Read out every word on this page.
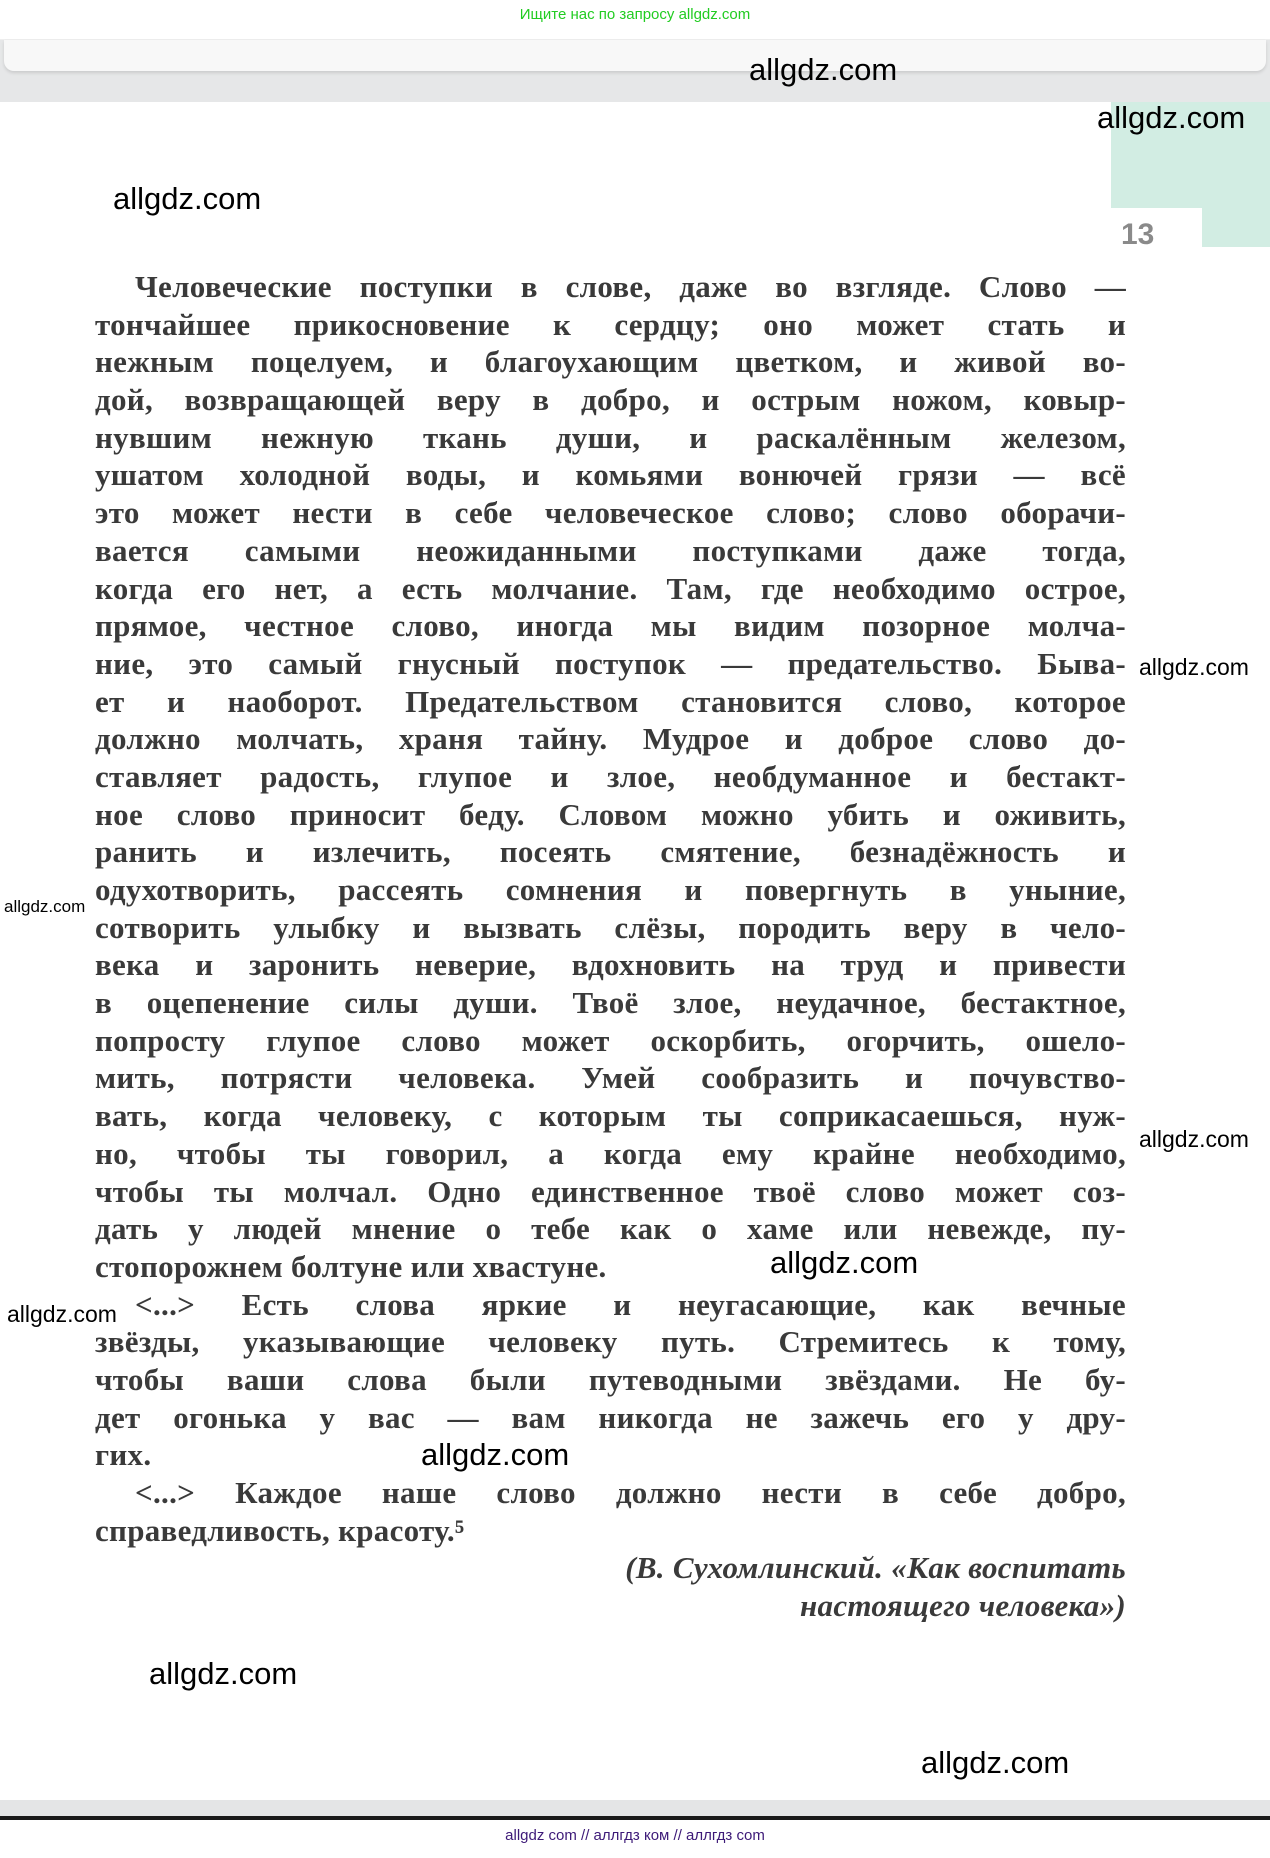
Ищите нас по запросу allgdz.com
13
Человеческие поступки в слове, даже во взгляде. Слово —
тончайшее прикосновение к сердцу; оно может стать и
нежным поцелуем, и благоухающим цветком, и живой во-
дой, возвращающей веру в добро, и острым ножом, ковыр-
нувшим нежную ткань души, и раскалённым железом,
ушатом холодной воды, и комьями вонючей грязи — всё
это может нести в себе человеческое слово; слово оборачи-
вается самыми неожиданными поступками даже тогда,
когда его нет, а есть молчание. Там, где необходимо острое,
прямое, честное слово, иногда мы видим позорное молча-
ние, это самый гнусный поступок — предательство. Быва-
ет и наоборот. Предательством становится слово, которое
должно молчать, храня тайну. Мудрое и доброе слово до-
ставляет радость, глупое и злое, необдуманное и бестакт-
ное слово приносит беду. Словом можно убить и оживить,
ранить и излечить, посеять смятение, безнадёжность и
одухотворить, рассеять сомнения и повергнуть в уныние,
сотворить улыбку и вызвать слёзы, породить веру в чело-
века и заронить неверие, вдохновить на труд и привести
в оцепенение силы души. Твоё злое, неудачное, бестактное,
попросту глупое слово может оскорбить, огорчить, ошело-
мить, потрясти человека. Умей сообразить и почувство-
вать, когда человеку, с которым ты соприкасаешься, нуж-
но, чтобы ты говорил, а когда ему крайне необходимо,
чтобы ты молчал. Одно единственное твоё слово может соз-
дать у людей мнение о тебе как о хаме или невежде, пу-
стопорожнем болтуне или хвастуне.
<...> Есть слова яркие и неугасающие, как вечные
звёзды, указывающие человеку путь. Стремитесь к тому,
чтобы ваши слова были путеводными звёздами. Не бу-
дет огонька у вас — вам никогда не зажечь его у дру-
гих.
<...> Каждое наше слово должно нести в себе добро,
справедливость, красоту.⁵
(В. Сухомлинский. «Как воспитать
настоящего человека»)
allgdz.com
allgdz.com
allgdz.com
allgdz.com
allgdz.com
allgdz.com
allgdz.com
allgdz.com
allgdz.com
allgdz.com
allgdz.com
allgdz com // аллгдз ком // аллгдз com
